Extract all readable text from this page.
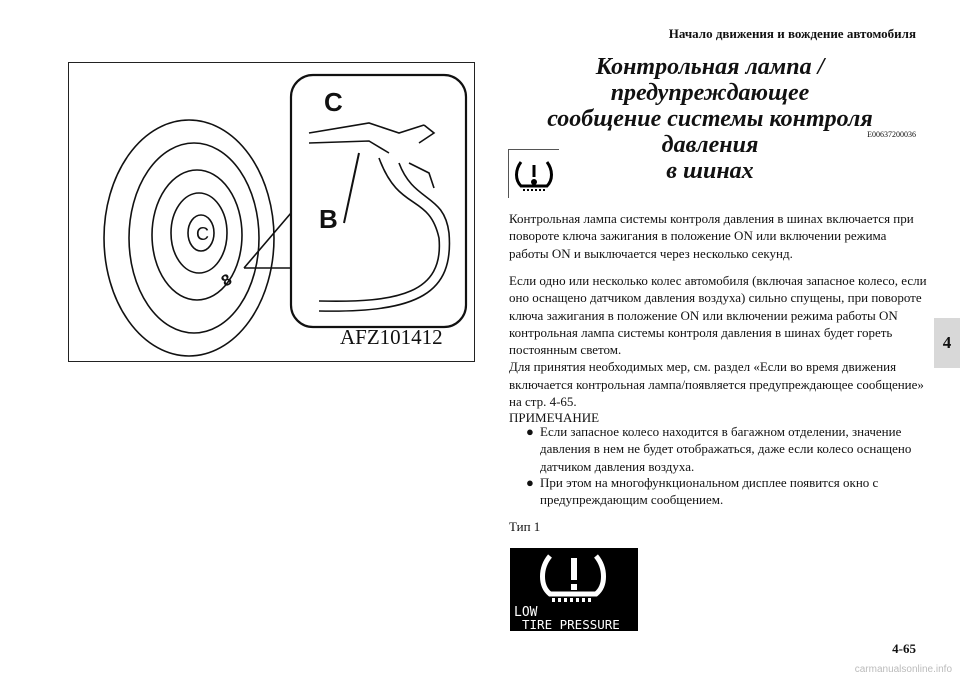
Начало движения и вождение автомобиля
C
8
C
B
AFZ101412
Контрольная лампа / предупреждающее
сообщение системы контроля давления
в шинах
E00637200036
Контрольная лампа системы контроля давления в шинах включается при повороте ключа зажигания в положение ON или включении режима работы ON и выключается через несколько секунд.
Если одно или несколько колес автомобиля (включая запасное колесо, если оно оснащено датчиком давления воздуха) сильно спущены, при повороте ключа зажигания в положение ON или включении режима работы ON контрольная лампа системы контроля давления в шинах будет гореть постоянным светом.
Для принятия необходимых мер, см. раздел «Если во время движения включается контрольная лампа/появляется предупреждающее сообщение» на стр. 4-65.
ПРИМЕЧАНИЕ
● Если запасное колесо находится в багажном отделении, значение давления в нем не будет отображаться, даже если колесо оснащено датчиком давления воздуха.
● При этом на многофункциональном дисплее появится окно с предупреждающим сообщением.
Тип 1
LOW
TIRE PRESSURE
4
4-65
carmanualsonline.info
